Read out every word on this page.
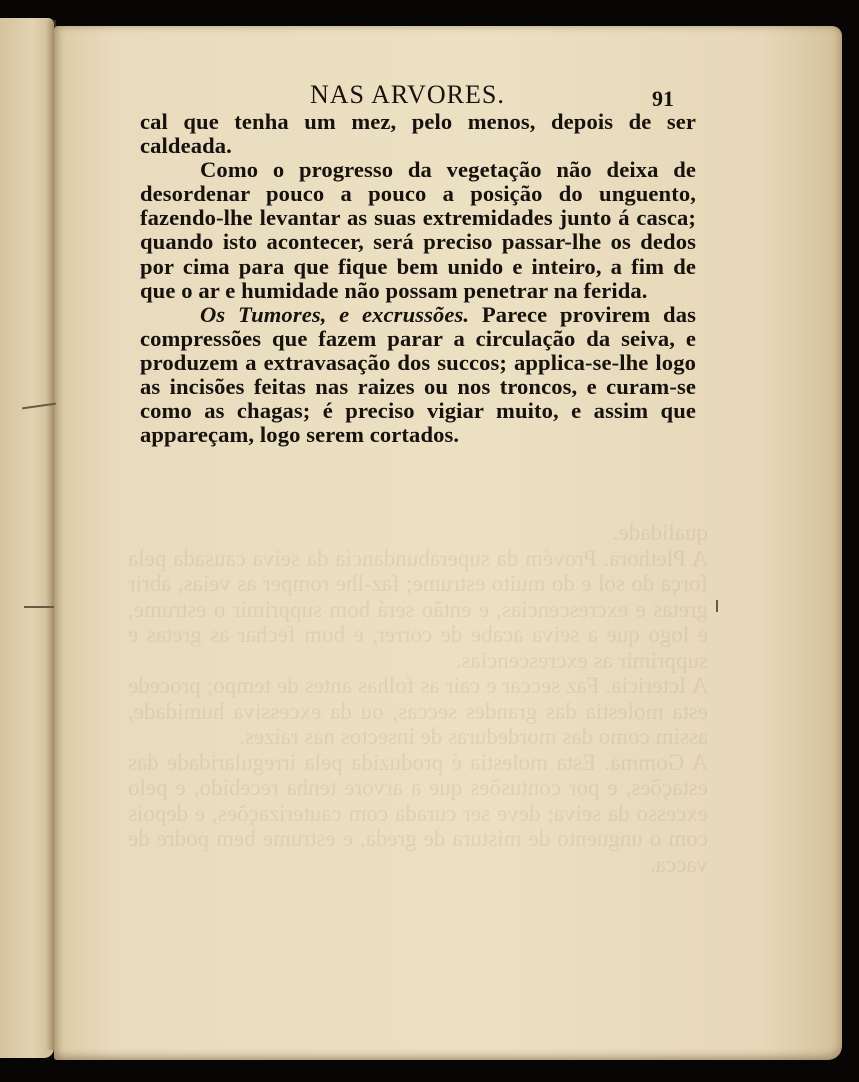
qualidade.

A Plethora. Provém da superabundancia da seiva causada pela força do sol e do muito estrume; faz-lhe romper as veias, abrir gretas e excrescencias, e então será bom supprimir o estrume, e logo que a seiva acabe de correr, e bom fechar as gretas e supprimir as excrescencias.

A Ictericia. Faz seccar e cair as folhas antes de tempo; procede esta molestia das grandes seccas, ou da excessiva humidade, assim como das mordeduras de insectos nas raizes.

A Gomma. Esta molestia é produzida pela irregularidade das estações, e por contusões que a arvore tenha recebido, e pelo excesso da seiva; deve ser curada com cauterizações, e depois com o unguento de mistura de greda, e estrume bem podre de vacca.

NAS ARVORES.	91

cal que tenha um mez, pelo menos, depois de ser caldeada.

Como o progresso da vegetação não deixa de desordenar pouco a pouco a posição do unguento, fazendo-lhe levantar as suas extremidades junto á casca; quando isto acontecer, será preciso passar-lhe os dedos por cima para que fique bem unido e inteiro, a fim de que o ar e humidade não possam penetrar na ferida.

Os Tumores, e excrussões. Parece provirem das compressões que fazem parar a circulação da seiva, e produzem a extravasação dos succos; applica-se-lhe logo as incisões feitas nas raizes ou nos troncos, e curam-se como as chagas; é preciso vigiar muito, e assim que appareçam, logo serem cortados.
